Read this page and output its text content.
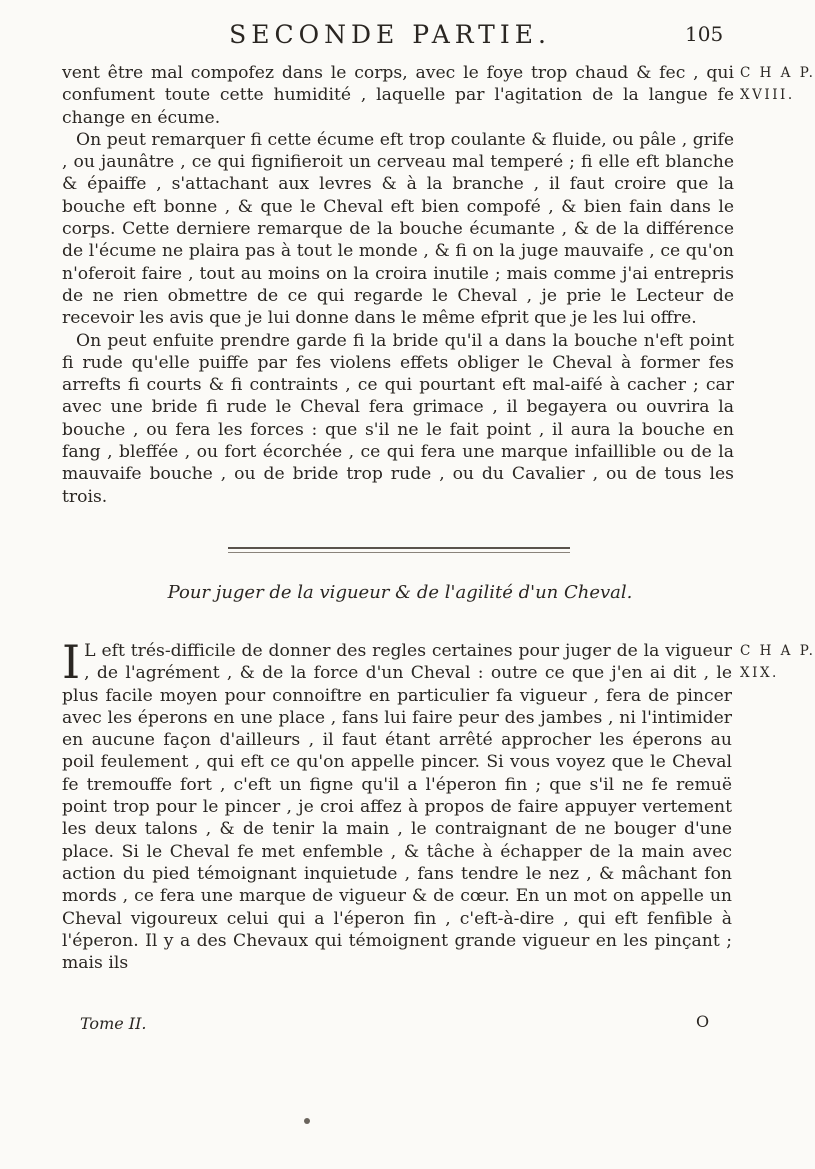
SECONDE PARTIE.	105
C H A P.
XVIII.

vent être mal compofez dans le corps, avec le foye trop chaud & fec , qui confument toute cette humidité , laquelle par l'agitation de la langue fe change en écume.

On peut remarquer fi cette écume eft trop coulante & fluide, ou pâle , grife , ou jaunâtre , ce qui fignifieroit un cerveau mal temperé ; fi elle eft blanche & épaiffe , s'attachant aux levres & à la branche , il faut croire que la bouche eft bonne , & que le Cheval eft bien compofé , & bien fain dans le corps. Cette derniere remarque de la bouche écumante , & de la différence de l'écume ne plaira pas à tout le monde , & fi on la juge mauvaife , ce qu'on n'oferoit faire , tout au moins on la croira inutile ; mais comme j'ai entrepris de ne rien obmettre de ce qui regarde le Cheval , je prie le Lecteur de recevoir les avis que je lui donne dans le même efprit que je les lui offre.

On peut enfuite prendre garde fi la bride qu'il a dans la bouche n'eft point fi rude qu'elle puiffe par fes violens effets obliger le Cheval à former fes arrefts fi courts & fi contraints , ce qui pourtant eft mal-aifé à cacher ; car avec une bride fi rude le Cheval fera grimace , il begayera ou ouvrira la bouche , ou fera les forces : que s'il ne le fait point , il aura la bouche en fang , bleffée , ou fort écorchée , ce qui fera une marque infaillible ou de la mauvaife bouche , ou de bride trop rude , ou du Cavalier , ou de tous les trois.

Pour juger de la vigueur & de l'agilité d'un Cheval.
C H A P.
XIX.
I L eft trés-difficile de donner des regles certaines pour juger de la vigueur , de l'agrément , & de la force d'un Cheval : outre ce que j'en ai dit , le plus facile moyen pour connoiftre en particulier fa vigueur , fera de pincer avec les éperons en une place , fans lui faire peur des jambes , ni l'intimider en aucune façon d'ailleurs , il faut étant arrêté approcher les éperons au poil feulement , qui eft ce qu'on appelle pincer. Si vous voyez que le Cheval fe tremouffe fort , c'eft un figne qu'il a l'éperon fin ; que s'il ne fe remuë point trop pour le pincer , je croi affez à propos de faire appuyer vertement les deux talons , & de tenir la main , le contraignant de ne bouger d'une place. Si le Cheval fe met enfemble , & tâche à échapper de la main avec action du pied témoignant inquietude , fans tendre le nez , & mâchant fon mords , ce fera une marque de vigueur & de cœur. En un mot on appelle un Cheval vigoureux celui qui a l'éperon fin , c'eft-à-dire , qui eft fenfible à l'éperon. Il y a des Chevaux qui témoignent grande vigueur en les pinçant ; mais ils

Tome II.	O
